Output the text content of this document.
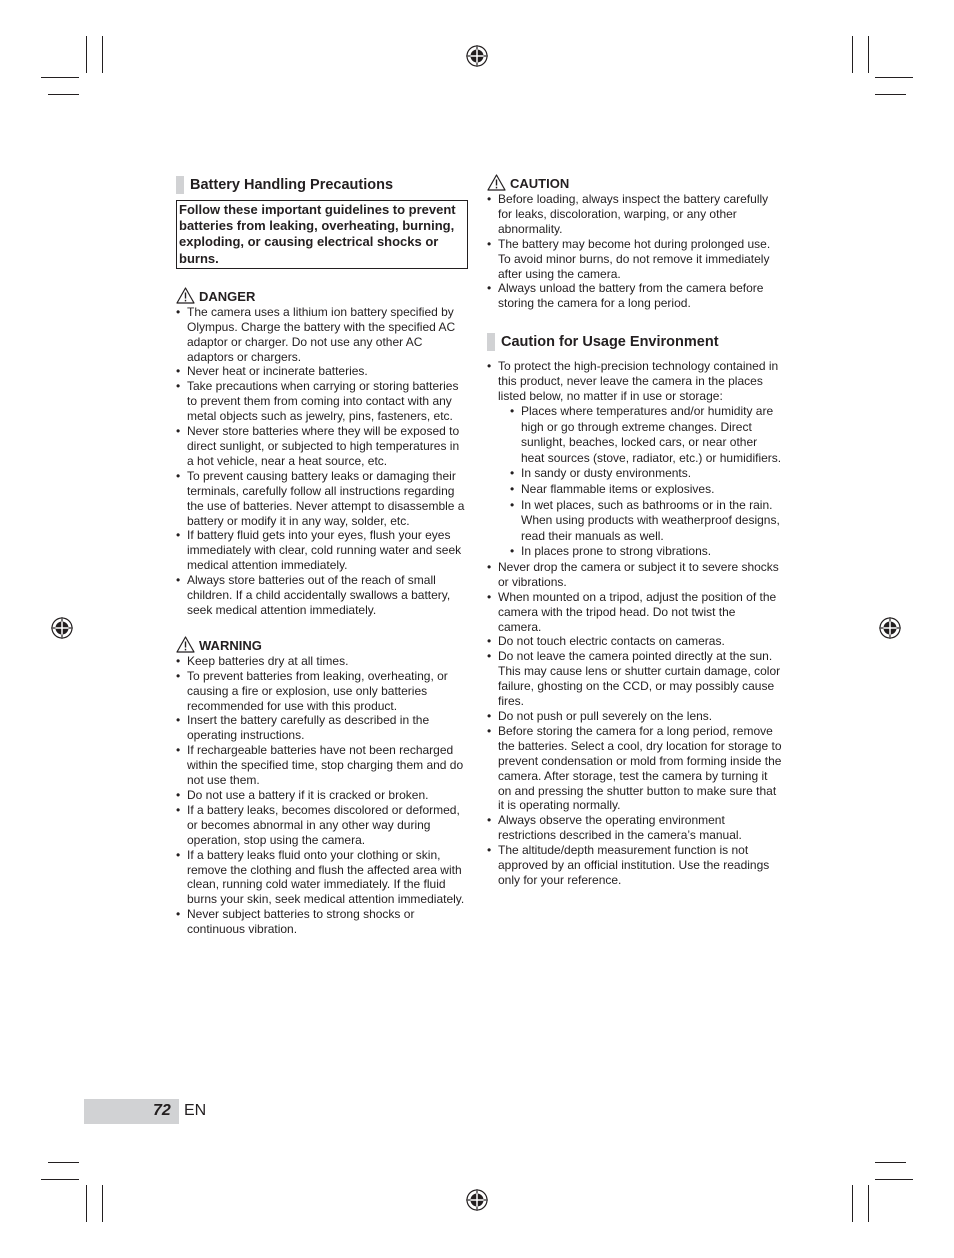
Battery Handling Precautions
Follow these important guidelines to prevent batteries from leaking, overheating, burning, exploding, or causing electrical shocks or burns.
DANGER
• The camera uses a lithium ion battery specified by Olympus. Charge the battery with the specified AC adaptor or charger. Do not use any other AC adaptors or chargers.
• Never heat or incinerate batteries.
• Take precautions when carrying or storing batteries to prevent them from coming into contact with any metal objects such as jewelry, pins, fasteners, etc.
• Never store batteries where they will be exposed to direct sunlight, or subjected to high temperatures in a hot vehicle, near a heat source, etc.
• To prevent causing battery leaks or damaging their terminals, carefully follow all instructions regarding the use of batteries. Never attempt to disassemble a battery or modify it in any way, solder, etc.
• If battery fluid gets into your eyes, flush your eyes immediately with clear, cold running water and seek medical attention immediately.
• Always store batteries out of the reach of small children. If a child accidentally swallows a battery, seek medical attention immediately.
WARNING
• Keep batteries dry at all times.
• To prevent batteries from leaking, overheating, or causing a fire or explosion, use only batteries recommended for use with this product.
• Insert the battery carefully as described in the operating instructions.
• If rechargeable batteries have not been recharged within the specified time, stop charging them and do not use them.
• Do not use a battery if it is cracked or broken.
• If a battery leaks, becomes discolored or deformed, or becomes abnormal in any other way during operation, stop using the camera.
• If a battery leaks fluid onto your clothing or skin, remove the clothing and flush the affected area with clean, running cold water immediately. If the fluid burns your skin, seek medical attention immediately.
• Never subject batteries to strong shocks or continuous vibration.
CAUTION
• Before loading, always inspect the battery carefully for leaks, discoloration, warping, or any other abnormality.
• The battery may become hot during prolonged use. To avoid minor burns, do not remove it immediately after using the camera.
• Always unload the battery from the camera before storing the camera for a long period.
Caution for Usage Environment
• To protect the high-precision technology contained in this product, never leave the camera in the places listed below, no matter if in use or storage:
• Places where temperatures and/or humidity are high or go through extreme changes. Direct sunlight, beaches, locked cars, or near other heat sources (stove, radiator, etc.) or humidifiers.
• In sandy or dusty environments.
• Near flammable items or explosives.
• In wet places, such as bathrooms or in the rain. When using products with weatherproof designs, read their manuals as well.
• In places prone to strong vibrations.
• Never drop the camera or subject it to severe shocks or vibrations.
• When mounted on a tripod, adjust the position of the camera with the tripod head. Do not twist the camera.
• Do not touch electric contacts on cameras.
• Do not leave the camera pointed directly at the sun. This may cause lens or shutter curtain damage, color failure, ghosting on the CCD, or may possibly cause fires.
• Do not push or pull severely on the lens.
• Before storing the camera for a long period, remove the batteries. Select a cool, dry location for storage to prevent condensation or mold from forming inside the camera. After storage, test the camera by turning it on and pressing the shutter button to make sure that it is operating normally.
• Always observe the operating environment restrictions described in the camera’s manual.
• The altitude/depth measurement function is not approved by an official institution. Use the readings only for your reference.
72 EN
